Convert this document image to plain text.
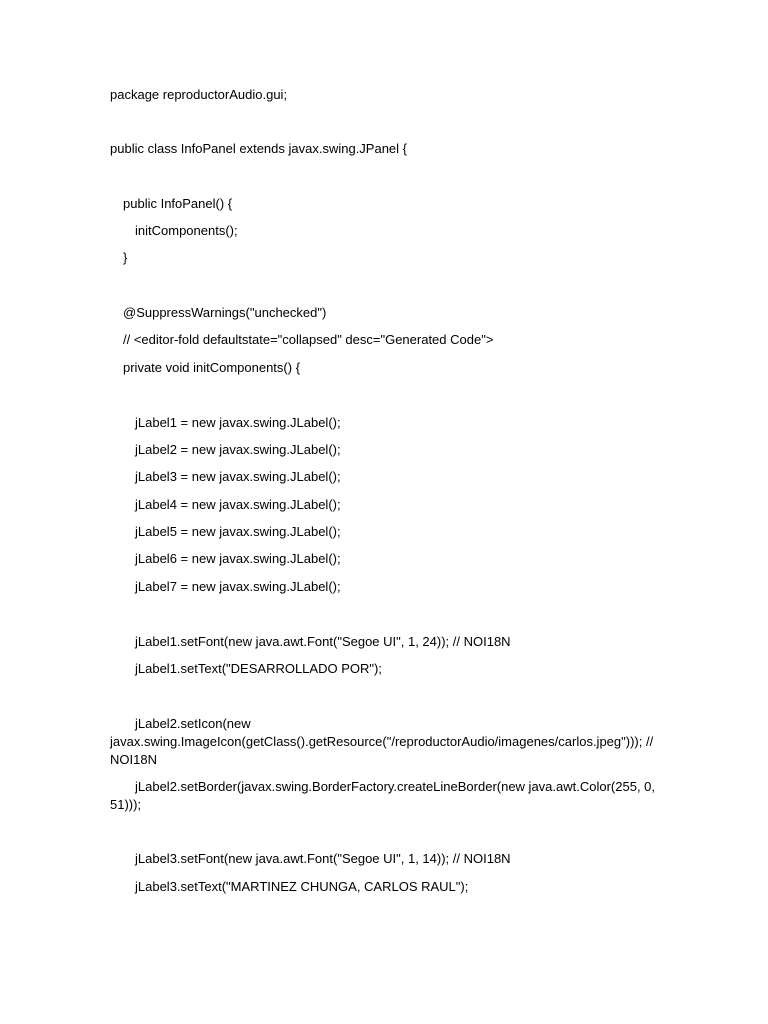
package reproductorAudio.gui;
public class InfoPanel extends javax.swing.JPanel {
public InfoPanel() {
initComponents();
}
@SuppressWarnings("unchecked")
// <editor-fold defaultstate="collapsed" desc="Generated Code">
private void initComponents() {
jLabel1 = new javax.swing.JLabel();
jLabel2 = new javax.swing.JLabel();
jLabel3 = new javax.swing.JLabel();
jLabel4 = new javax.swing.JLabel();
jLabel5 = new javax.swing.JLabel();
jLabel6 = new javax.swing.JLabel();
jLabel7 = new javax.swing.JLabel();
jLabel1.setFont(new java.awt.Font("Segoe UI", 1, 24)); // NOI18N
jLabel1.setText("DESARROLLADO POR");
jLabel2.setIcon(new
javax.swing.ImageIcon(getClass().getResource("/reproductorAudio/imagenes/carlos.jpeg"))); //
NOI18N
jLabel2.setBorder(javax.swing.BorderFactory.createLineBorder(new java.awt.Color(255, 0,
51)));
jLabel3.setFont(new java.awt.Font("Segoe UI", 1, 14)); // NOI18N
jLabel3.setText("MARTINEZ CHUNGA, CARLOS RAUL");
